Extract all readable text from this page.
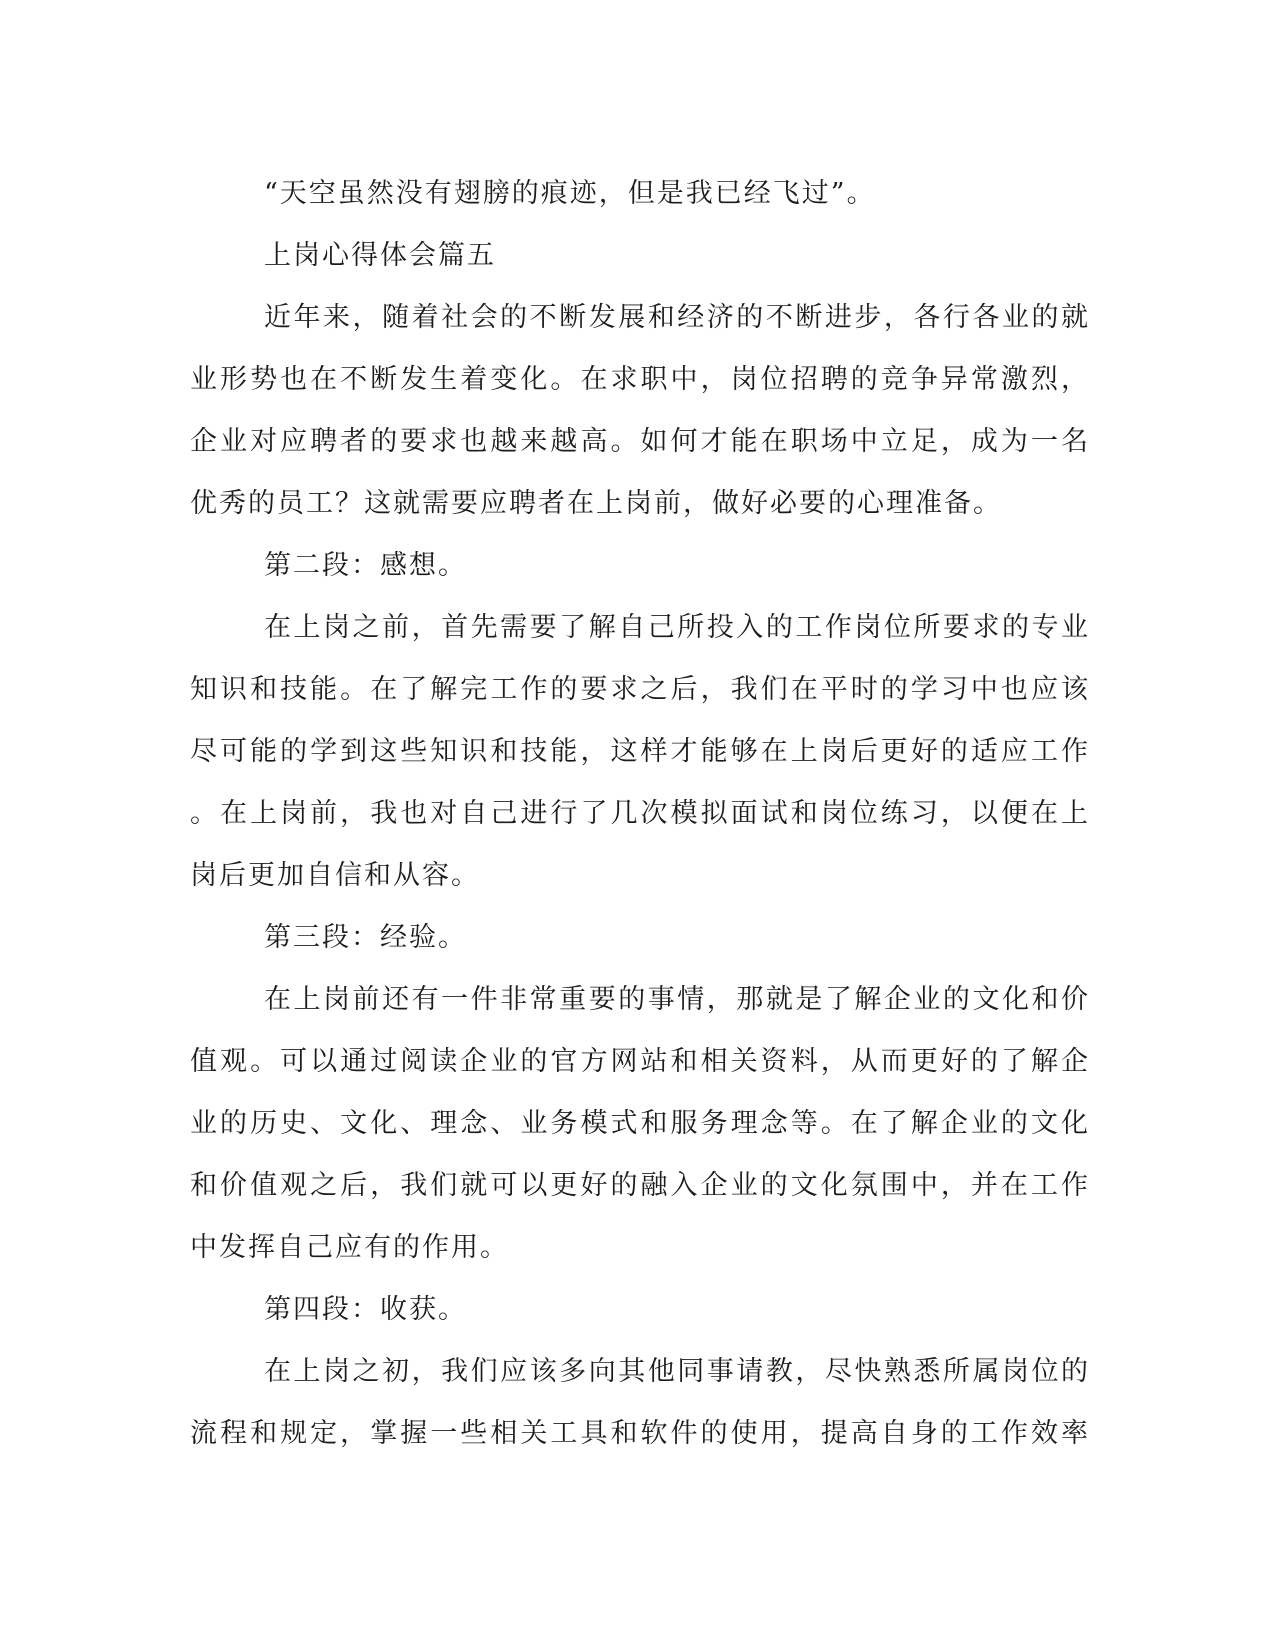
“天空虽然没有翅膀的痕迹，但是我已经飞过”。
上岗心得体会篇五
近年来，随着社会的不断发展和经济的不断进步，各行各业的就
业形势也在不断发生着变化。在求职中，岗位招聘的竞争异常激烈，
企业对应聘者的要求也越来越高。如何才能在职场中立足，成为一名
优秀的员工？这就需要应聘者在上岗前，做好必要的心理准备。
第二段：感想。
在上岗之前，首先需要了解自己所投入的工作岗位所要求的专业
知识和技能。在了解完工作的要求之后，我们在平时的学习中也应该
尽可能的学到这些知识和技能，这样才能够在上岗后更好的适应工作
。在上岗前，我也对自己进行了几次模拟面试和岗位练习，以便在上
岗后更加自信和从容。
第三段：经验。
在上岗前还有一件非常重要的事情，那就是了解企业的文化和价
值观。可以通过阅读企业的官方网站和相关资料，从而更好的了解企
业的历史、文化、理念、业务模式和服务理念等。在了解企业的文化
和价值观之后，我们就可以更好的融入企业的文化氛围中，并在工作
中发挥自己应有的作用。
第四段：收获。
在上岗之初，我们应该多向其他同事请教，尽快熟悉所属岗位的
流程和规定，掌握一些相关工具和软件的使用，提高自身的工作效率
